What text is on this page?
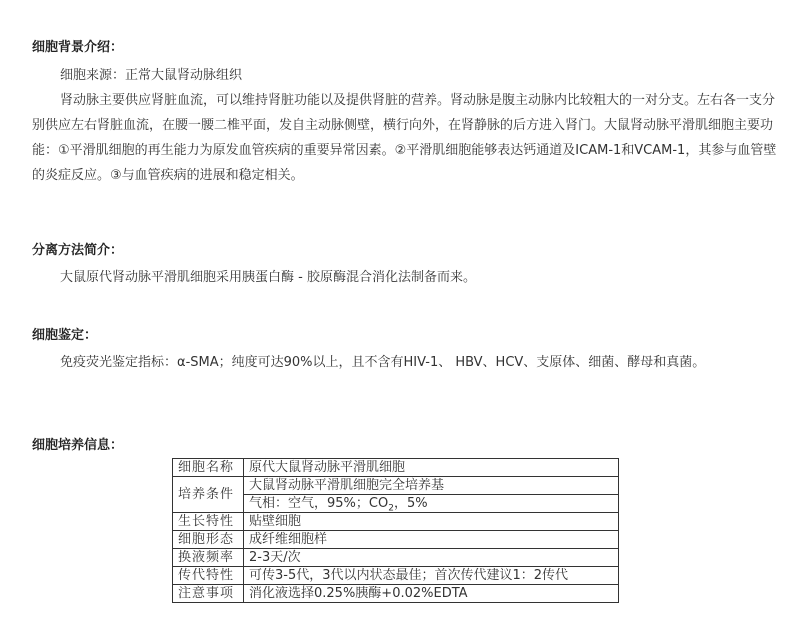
细胞背景介绍：
细胞来源：正常大鼠肾动脉组织
肾动脉主要供应肾脏血流，可以维持肾脏功能以及提供肾脏的营养。肾动脉是腹主动脉内比较粗大的一对分支。左右各一支分别供应左右肾脏血流，在腰一腰二椎平面，发自主动脉侧壁，横行向外，在肾静脉的后方进入肾门。大鼠肾动脉平滑肌细胞主要功能：①平滑肌细胞的再生能力为原发血管疾病的重要异常因素。②平滑肌细胞能够表达钙通道及ICAM-1和VCAM-1，其参与血管壁的炎症反应。③与血管疾病的进展和稳定相关。
分离方法简介：
大鼠原代肾动脉平滑肌细胞采用胰蛋白酶 - 胶原酶混合消化法制备而来。
细胞鉴定：
免疫荧光鉴定指标：α-SMA；纯度可达90%以上，且不含有HIV-1、 HBV、HCV、支原体、细菌、酵母和真菌。
细胞培养信息：
细胞名称	原代大鼠肾动脉平滑肌细胞
培养条件	大鼠肾动脉平滑肌细胞完全培养基
	气相：空气，95%；$CO_2$，5%
生长特性	贴壁细胞
细胞形态	成纤维细胞样
换液频率	2-3天/次
传代特性	可传3-5代，3代以内状态最佳；首次传代建议1：2传代
注意事项	消化液选择0.25%胰酶+0.02%EDTA
